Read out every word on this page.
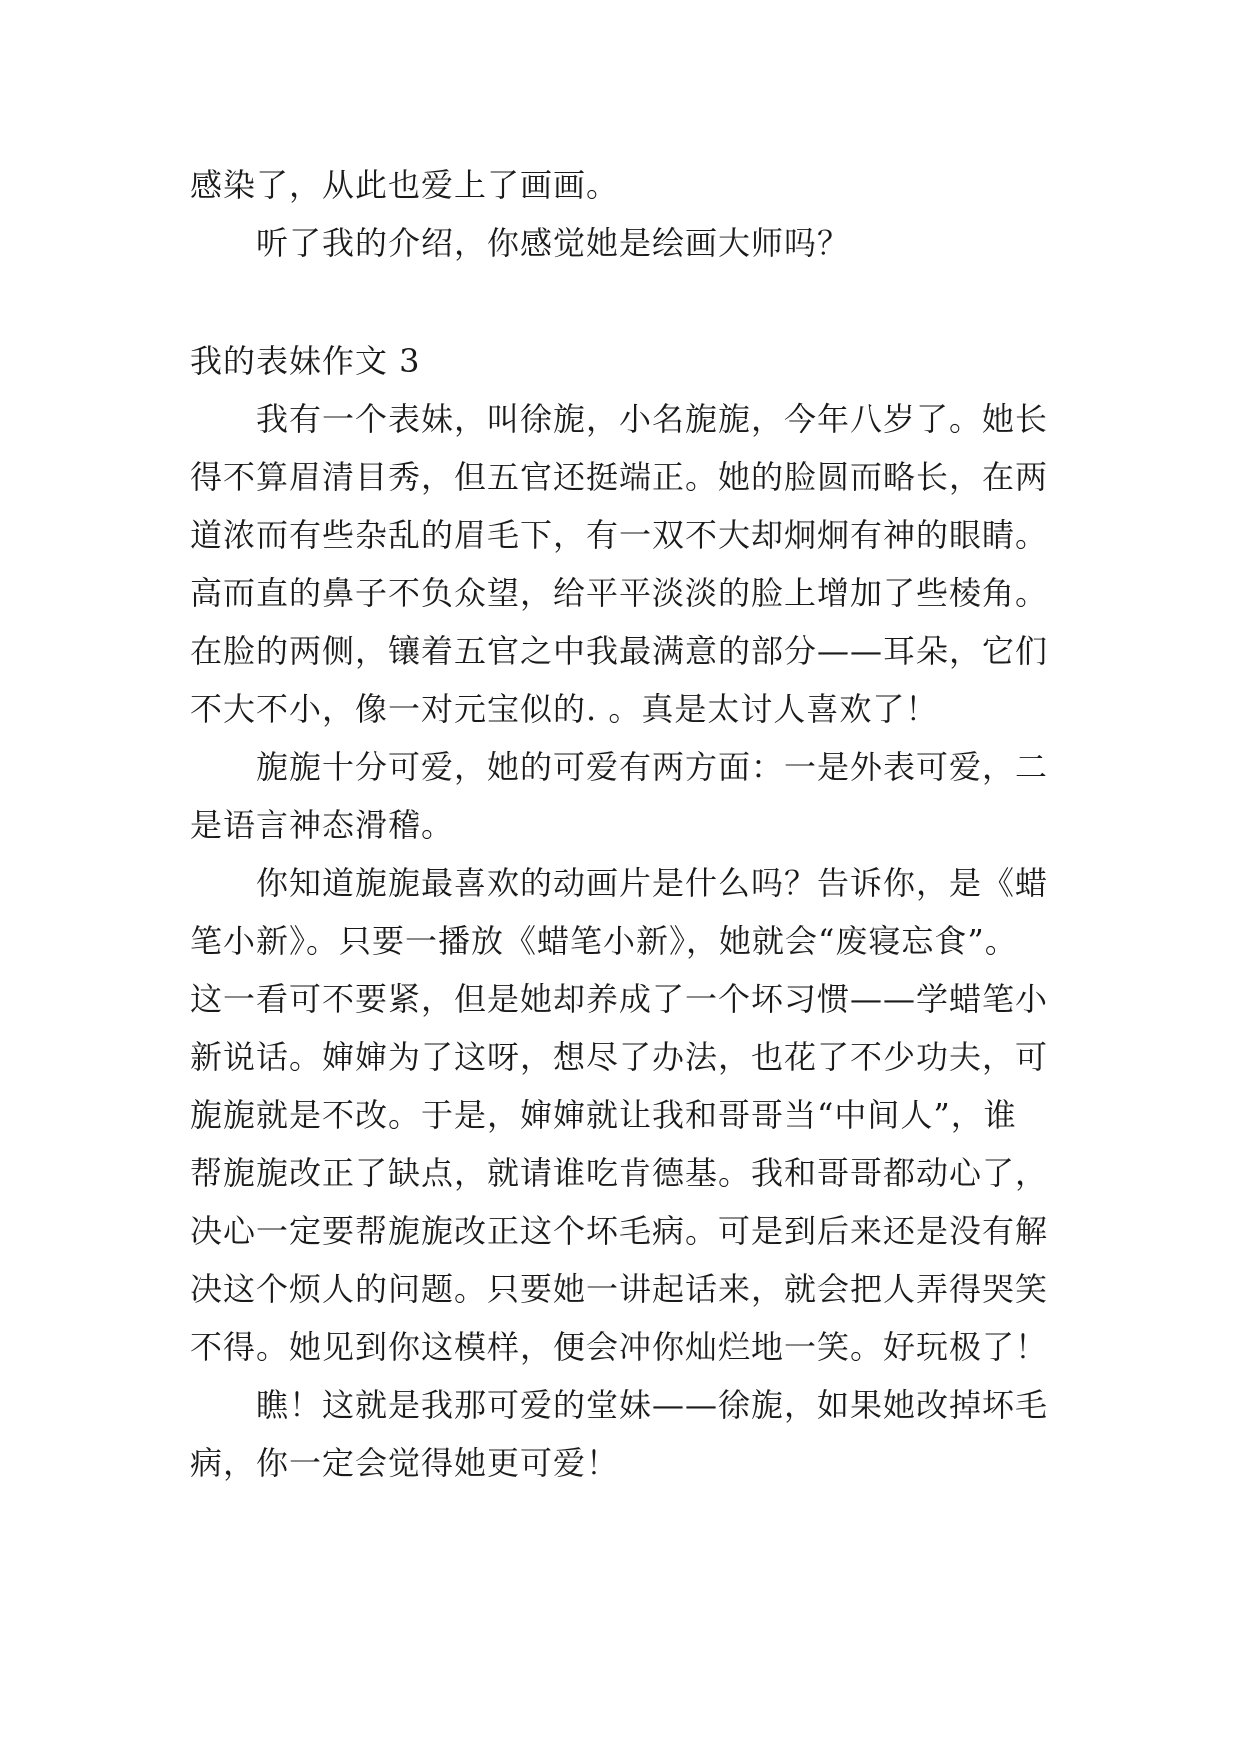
感染了，从此也爱上了画画。
听了我的介绍，你感觉她是绘画大师吗？
我的表妹作文 3
我有一个表妹，叫徐旎，小名旎旎，今年八岁了。她长
得不算眉清目秀，但五官还挺端正。她的脸圆而略长，在两
道浓而有些杂乱的眉毛下，有一双不大却炯炯有神的眼睛。
高而直的鼻子不负众望，给平平淡淡的脸上增加了些棱角。
在脸的两侧，镶着五官之中我最满意的部分——耳朵，它们
不大不小，像一对元宝似的. 。真是太讨人喜欢了！
旎旎十分可爱，她的可爱有两方面：一是外表可爱，二
是语言神态滑稽。
你知道旎旎最喜欢的动画片是什么吗？告诉你，是《蜡
笔小新》。只要一播放《蜡笔小新》，她就会“废寝忘食”。
这一看可不要紧，但是她却养成了一个坏习惯——学蜡笔小
新说话。婶婶为了这呀，想尽了办法，也花了不少功夫，可
旎旎就是不改。于是，婶婶就让我和哥哥当“中间人”，谁
帮旎旎改正了缺点，就请谁吃肯德基。我和哥哥都动心了，
决心一定要帮旎旎改正这个坏毛病。可是到后来还是没有解
决这个烦人的问题。只要她一讲起话来，就会把人弄得哭笑
不得。她见到你这模样，便会冲你灿烂地一笑。好玩极了！
瞧！这就是我那可爱的堂妹——徐旎，如果她改掉坏毛
病，你一定会觉得她更可爱！
